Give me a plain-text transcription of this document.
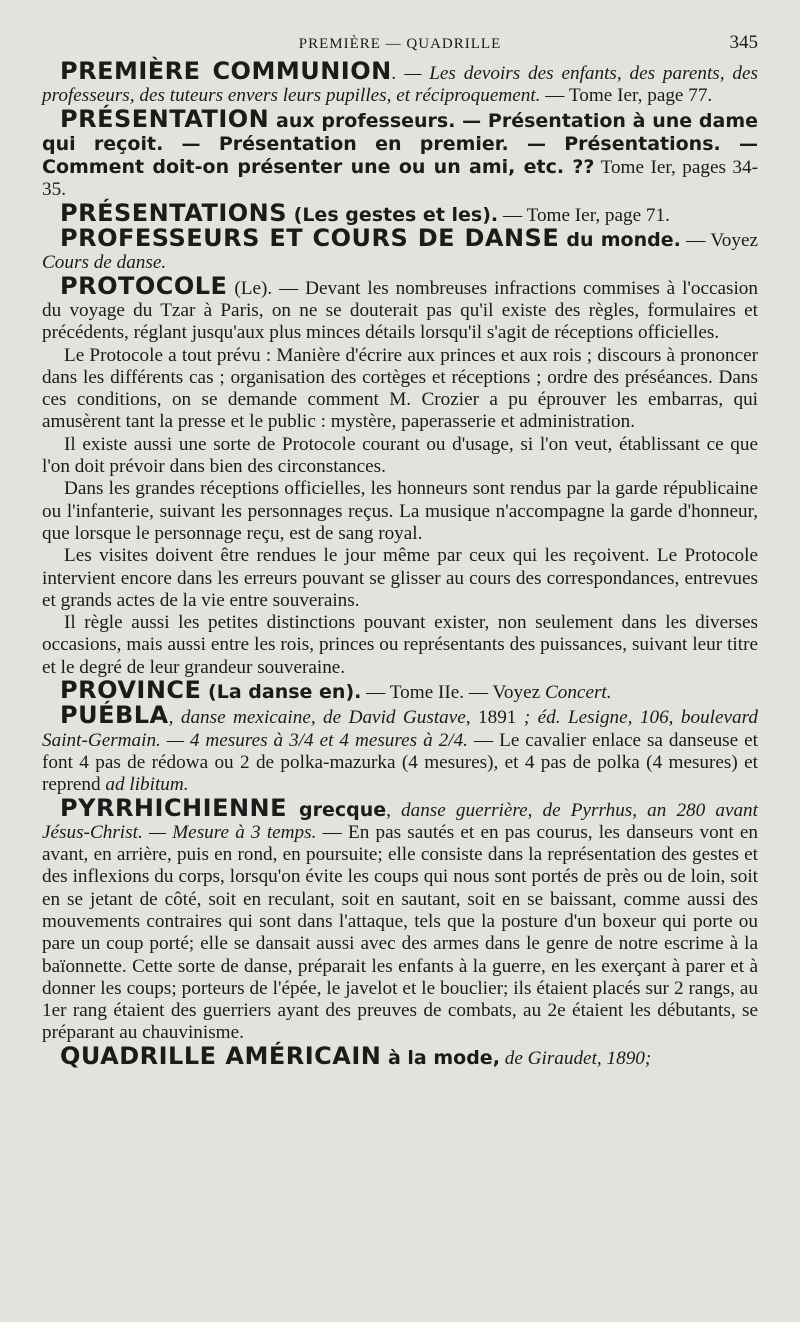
PREMIÈRE — QUADRILLE	345

PREMIÈRE COMMUNION. — Les devoirs des enfants, des parents, des professeurs, des tuteurs envers leurs pupilles, et réciproquement. — Tome Ier, page 77.

PRÉSENTATION aux professeurs. — Présentation à une dame qui reçoit. — Présentation en premier. — Présentations. — Comment doit-on présenter une ou un ami, etc. ?? Tome Ier, pages 34-35.

PRÉSENTATIONS (Les gestes et les). — Tome Ier, page 71.

PROFESSEURS ET COURS DE DANSE du monde. — Voyez Cours de danse.

PROTOCOLE (Le). — Devant les nombreuses infractions commises à l'occasion du voyage du Tzar à Paris, on ne se douterait pas qu'il existe des règles, formulaires et précédents, réglant jusqu'aux plus minces détails lorsqu'il s'agit de réceptions officielles.

Le Protocole a tout prévu : Manière d'écrire aux princes et aux rois ; discours à prononcer dans les différents cas ; organisation des cortèges et réceptions ; ordre des préséances. Dans ces conditions, on se demande comment M. Crozier a pu éprouver les embarras, qui amusèrent tant la presse et le public : mystère, paperasserie et administration.

Il existe aussi une sorte de Protocole courant ou d'usage, si l'on veut, établissant ce que l'on doit prévoir dans bien des circonstances.

Dans les grandes réceptions officielles, les honneurs sont rendus par la garde républicaine ou l'infanterie, suivant les personnages reçus. La musique n'accompagne la garde d'honneur, que lorsque le personnage reçu, est de sang royal.

Les visites doivent être rendues le jour même par ceux qui les reçoivent. Le Protocole intervient encore dans les erreurs pouvant se glisser au cours des correspondances, entrevues et grands actes de la vie entre souverains.

Il règle aussi les petites distinctions pouvant exister, non seulement dans les diverses occasions, mais aussi entre les rois, princes ou représentants des puissances, suivant leur titre et le degré de leur grandeur souveraine.

PROVINCE (La danse en). — Tome IIe. — Voyez Concert.

PUÉBLA, danse mexicaine, de David Gustave, 1891 ; éd. Lesigne, 106, boulevard Saint-Germain. — 4 mesures à 3/4 et 4 mesures à 2/4. — Le cavalier enlace sa danseuse et font 4 pas de rédowa ou 2 de polka-mazurka (4 mesures), et 4 pas de polka (4 mesures) et reprend ad libitum.

PYRRHICHIENNE grecque, danse guerrière, de Pyrrhus, an 280 avant Jésus-Christ. — Mesure à 3 temps. — En pas sautés et en pas courus, les danseurs vont en avant, en arrière, puis en rond, en poursuite; elle consiste dans la représentation des gestes et des inflexions du corps, lorsqu'on évite les coups qui nous sont portés de près ou de loin, soit en se jetant de côté, soit en reculant, soit en sautant, soit en se baissant, comme aussi des mouvements contraires qui sont dans l'attaque, tels que la posture d'un boxeur qui porte ou pare un coup porté; elle se dansait aussi avec des armes dans le genre de notre escrime à la baïonnette. Cette sorte de danse, préparait les enfants à la guerre, en les exerçant à parer et à donner les coups; porteurs de l'épée, le javelot et le bouclier; ils étaient placés sur 2 rangs, au 1er rang étaient des guerriers ayant des preuves de combats, au 2e étaient les débutants, se préparant au chauvinisme.

QUADRILLE AMÉRICAIN à la mode, de Giraudet, 1890;
